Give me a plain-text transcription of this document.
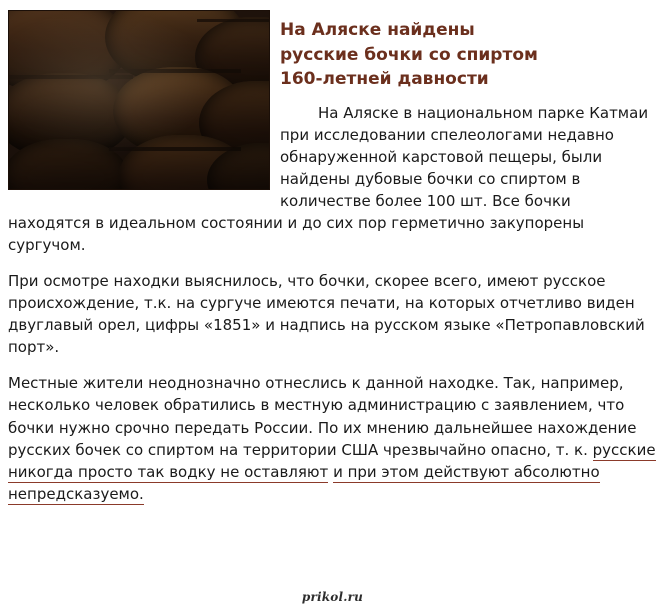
На Аляске найдены
русские бочки со спиртом
160-летней давности

На Аляске в национальном парке Катмаи при исследовании спелеологами недавно обнаруженной карстовой пещеры, были найдены дубовые бочки со спиртом в количестве более 100 шт. Все бочки находятся в идеальном состоянии и до сих пор герметично закупорены сургучом.

При осмотре находки выяснилось, что бочки, скорее всего, имеют русское происхождение, т.к. на сургуче имеются печати, на которых отчетливо виден двуглавый орел, цифры «1851» и надпись на русском языке «Петропавловский порт».

Местные жители неоднозначно отнеслись к данной находке. Так, например, несколько человек обратились в местную администрацию с заявлением, что бочки нужно срочно передать России. По их мнению дальнейшее нахождение русских бочек со спиртом на территории США чрезвычайно опасно, т. к. русские никогда просто так водку не оставляют и при этом действуют абсолютно непредсказуемо.

prikol.ru
